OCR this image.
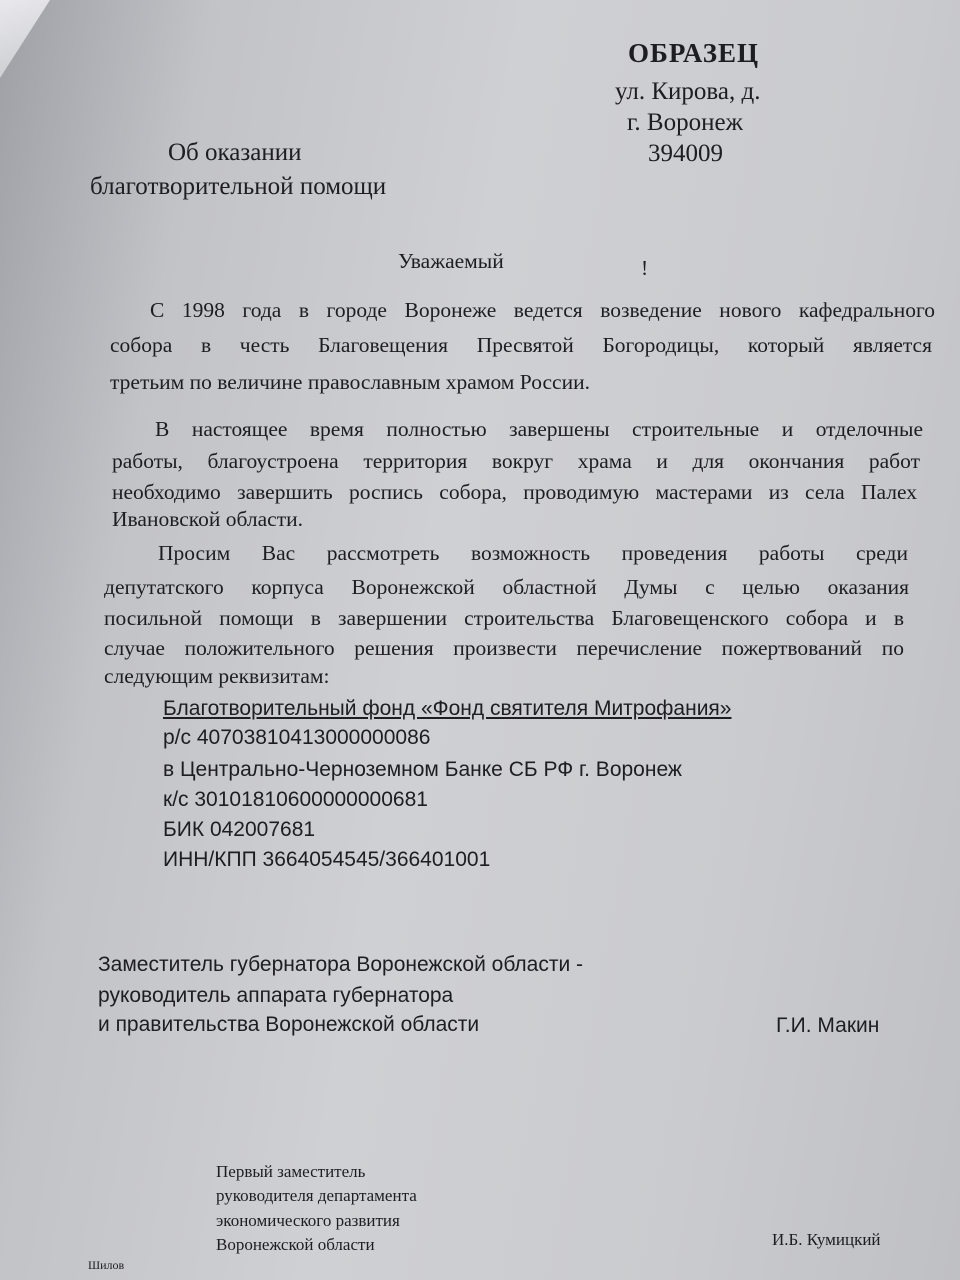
ОБРАЗЕЦ
ул. Кирова, д.
г. Воронеж
394009
Об оказании
благотворительной помощи
Уважаемый	!
С 1998 года в городе Воронеже ведется возведение нового кафедрального
собора в честь Благовещения Пресвятой Богородицы, который является
третьим по величине православным храмом России.
В настоящее время полностью завершены строительные и отделочные
работы, благоустроена территория вокруг храма и для окончания работ
необходимо завершить роспись собора, проводимую мастерами из села Палех
Ивановской области.
Просим Вас рассмотреть возможность проведения работы среди
депутатского корпуса Воронежской областной Думы с целью оказания
посильной помощи в завершении строительства Благовещенского собора и в
случае положительного решения произвести перечисление пожертвований по
следующим реквизитам:
Благотворительный фонд «Фонд святителя Митрофания»
р/с 40703810413000000086
в Центрально-Черноземном Банке СБ РФ г. Воронеж
к/с 30101810600000000681
БИК 042007681
ИНН/КПП 3664054545/366401001
Заместитель губернатора Воронежской области -
руководитель аппарата губернатора
и правительства Воронежской области	Г.И. Макин
Первый заместитель
руководителя департамента
экономического развития
Воронежской области	И.Б. Кумицкий
Шилов
